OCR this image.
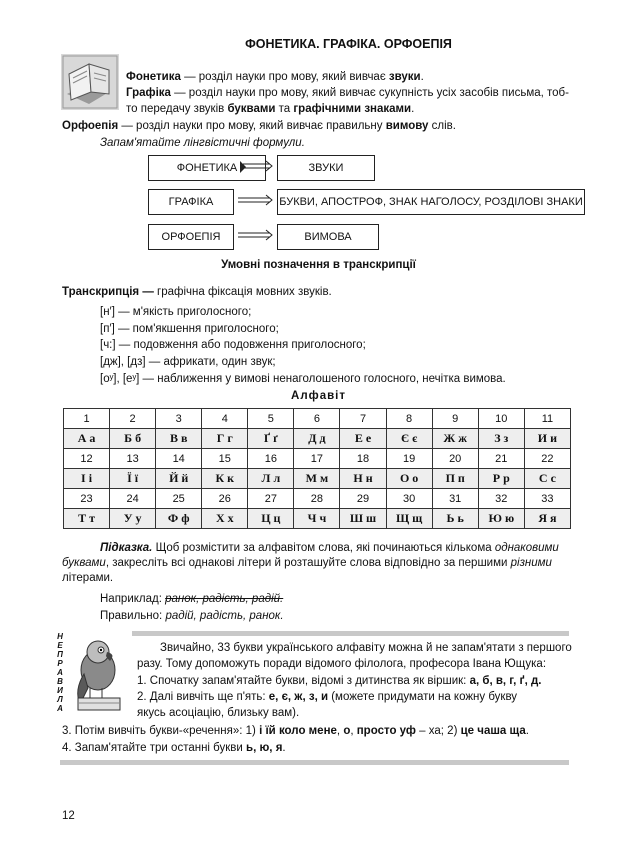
ФОНЕТИКА. ГРАФІКА. ОРФОЕПІЯ
Фонетика — розділ науки про мову, який вивчає звуки.
Графіка — розділ науки про мову, який вивчає сукупність усіх засобів письма, тоб-
то передачу звуків буквами та графічними знаками.
Орфоепія — розділ науки про мову, який вивчає правильну вимову слів.
Запам'ятайте лінгвістичні формули.
ФОНЕТИКА	ЗВУКИ
ГРАФІКА	БУКВИ, АПОСТРОФ, ЗНАК НАГОЛОСУ, РОЗДІЛОВІ ЗНАКИ
ОРФОЕПІЯ	ВИМОВА
Умовні позначення в транскрипції
Транскрипція — графічна фіксація мовних звуків.
[н′] — м'якість приголосного;
[п′] — пом'якшення приголосного;
[ч:] — подовження або подовження приголосного;
[дж], [дз] — африкати, один звук;
[оʸ], [еʸ] — наближення у вимові ненаголошеного голосного, нечітка вимова.
Алфавіт
1	2	3	4	5	6	7	8	9	10	11
А а	Б б	В в	Г г	Ґ ґ	Д д	Е е	Є є	Ж ж	З з	И и
12	13	14	15	16	17	18	19	20	21	22
І і	Ї ї	Й й	К к	Л л	М м	Н н	О о	П п	Р р	С с
23	24	25	26	27	28	29	30	31	32	33
Т т	У у	Ф ф	Х х	Ц ц	Ч ч	Ш ш	Щ щ	Ь ь	Ю ю	Я я
Підказка. Щоб розмістити за алфавітом слова, які починаються кількома однаковими буквами, закресліть всі однакові літери й розташуйте слова відповідно за першими різними літерами.
Наприклад: ранок, радість, радій.
Правильно: радій, радість, ранок.
НЕПРАВИЛА
Звичайно, 33 букви українського алфавіту можна й не запам'ятати з першого
разу. Тому допоможуть поради відомого філолога, професора Івана Ющука:
1. Спочатку запам'ятайте букви, відомі з дитинства як віршик: а, б, в, г, ґ, д.
2. Далі вивчіть ще п'ять: е, є, ж, з, и (можете придумати на кожну букву
якусь асоціацію, близьку вам).
3. Потім вивчіть букви-«речення»: 1) і їй коло мене, о, просто уф – ха; 2) це чаша ща.
4. Запам'ятайте три останні букви ь, ю, я.
12
